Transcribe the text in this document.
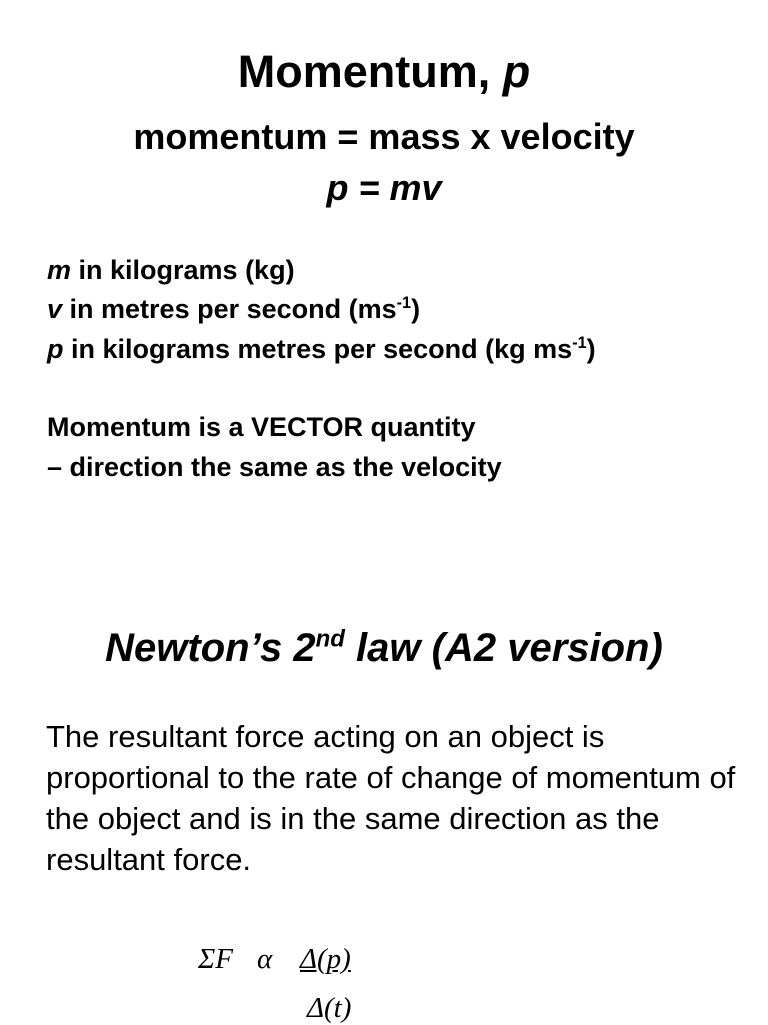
Momentum, p
momentum = mass x velocity
p = mv
m in kilograms (kg)
v in metres per second $(ms^{-1})$
p in kilograms metres per second (kg $ms^{-1}$)
Momentum is a VECTOR quantity
– direction the same as the velocity
Newton’s 2nd law (A2 version)
The resultant force acting on an object is proportional to the rate of change of momentum of the object and is in the same direction as the resultant force.
ΣF α Δ(p)
Δ(t)
